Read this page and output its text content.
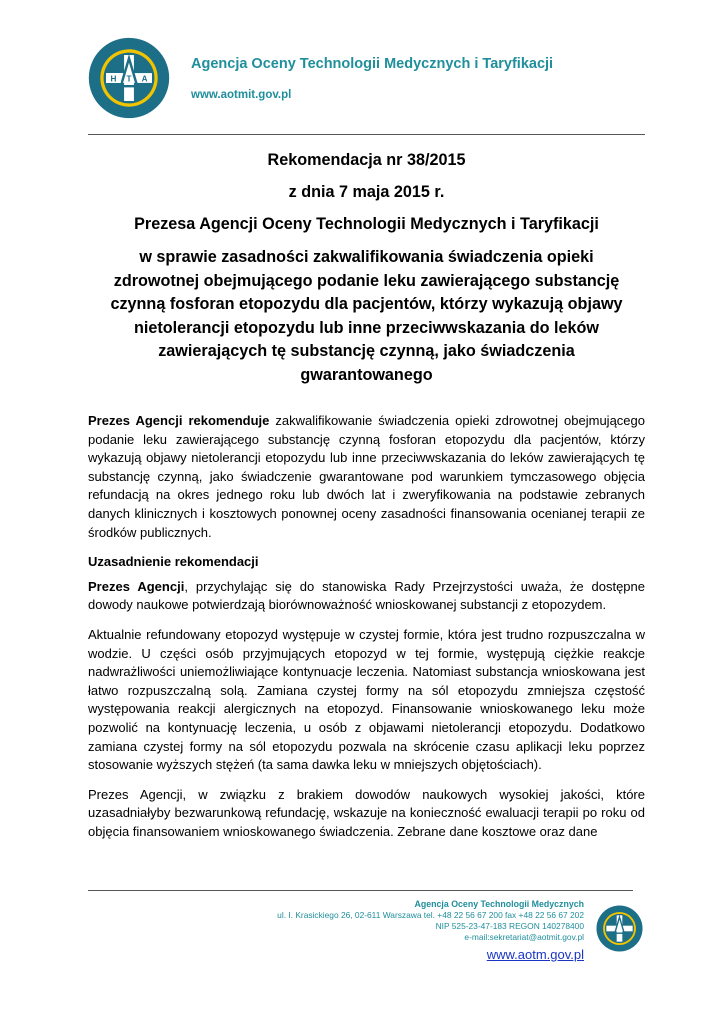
H T A
Agencja Oceny Technologii Medycznych i Taryfikacji
www.aotmit.gov.pl

Rekomendacja nr 38/2015

z dnia 7 maja 2015 r.

Prezesa Agencji Oceny Technologii Medycznych i Taryfikacji

w sprawie zasadności zakwalifikowania świadczenia opieki

zdrowotnej obejmującego podanie leku zawierającego substancję

czynną fosforan etopozydu dla pacjentów, którzy wykazują objawy

nietolerancji etopozydu lub inne przeciwwskazania do leków

zawierających tę substancję czynną, jako świadczenia

gwarantowanego

Prezes Agencji rekomenduje zakwalifikowanie świadczenia opieki zdrowotnej obejmującego podanie leku zawierającego substancję czynną fosforan etopozydu dla pacjentów, którzy wykazują objawy nietolerancji etopozydu lub inne przeciwwskazania do leków zawierających tę substancję czynną, jako świadczenie gwarantowane pod warunkiem tymczasowego objęcia refundacją na okres jednego roku lub dwóch lat i zweryfikowania na podstawie zebranych danych klinicznych i kosztowych ponownej oceny zasadności finansowania ocenianej terapii ze środków publicznych.

Uzasadnienie rekomendacji

Prezes Agencji, przychylając się do stanowiska Rady Przejrzystości uważa, że dostępne dowody naukowe potwierdzają biorównoważność wnioskowanej substancji z etopozydem.

Aktualnie refundowany etopozyd występuje w czystej formie, która jest trudno rozpuszczalna w wodzie. U części osób przyjmujących etopozyd w tej formie, występują ciężkie reakcje nadwrażliwości uniemożliwiające kontynuacje leczenia. Natomiast substancja wnioskowana jest łatwo rozpuszczalną solą. Zamiana czystej formy na sól etopozydu zmniejsza częstość występowania reakcji alergicznych na etopozyd. Finansowanie wnioskowanego leku może pozwolić na kontynuację leczenia, u osób z objawami nietolerancji etopozydu. Dodatkowo zamiana czystej formy na sól etopozydu pozwala na skrócenie czasu aplikacji leku poprzez stosowanie wyższych stężeń (ta sama dawka leku w mniejszych objętościach).

Prezes Agencji, w związku z brakiem dowodów naukowych wysokiej jakości, które uzasadniałyby bezwarunkową refundację, wskazuje na konieczność ewaluacji terapii po roku od objęcia finansowaniem wnioskowanego świadczenia. Zebrane dane kosztowe oraz dane

Agencja Oceny Technologii Medycznych
ul. I. Krasickiego 26, 02-611 Warszawa tel. +48 22 56 67 200 fax +48 22 56 67 202
NIP 525-23-47-183 REGON 140278400
e-mail:sekretariat@aotmit.gov.pl
www.aotm.gov.pl
